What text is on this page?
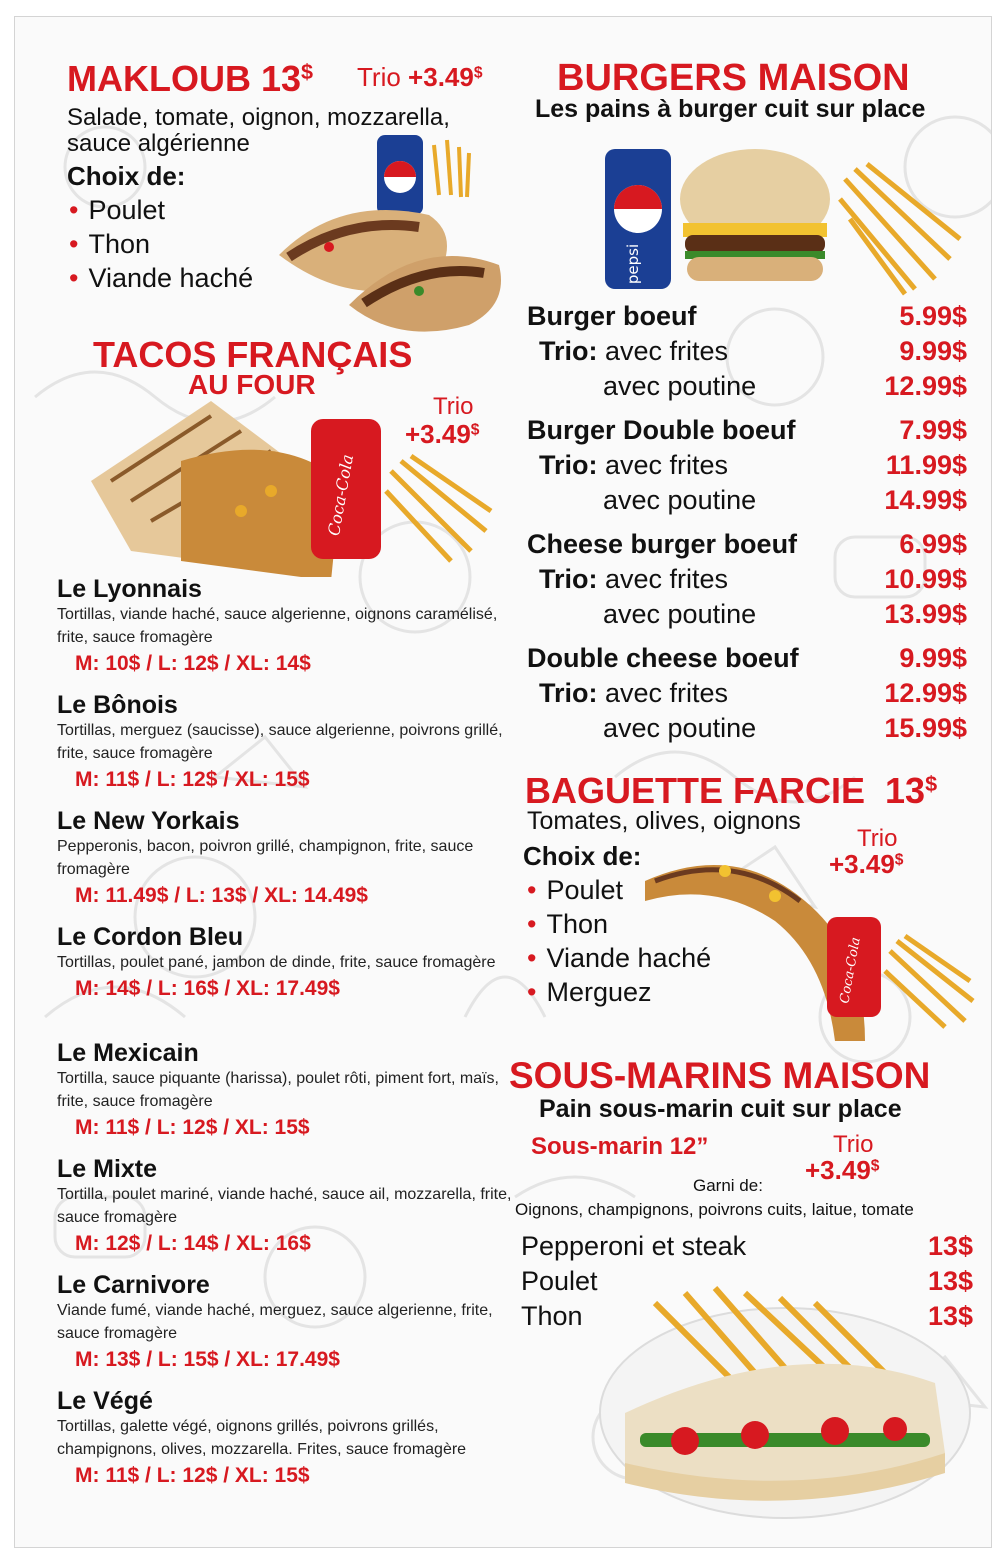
MAKLOUB 13$ Trio +3.49$
Salade, tomate, oignon, mozzarella, sauce algérienne
Choix de:
• Poulet
• Thon
• Viande haché
TACOS FRANÇAIS
AU FOUR
Trio
+3.49$
Coca-Cola
Le Lyonnais
Tortillas, viande haché, sauce algerienne, oignons caramélisé, frite, sauce fromagère
M: 10$ / L: 12$ / XL: 14$
Le Bônois
Tortillas, merguez (saucisse), sauce algerienne, poivrons grillé, frite, sauce fromagère
M: 11$ / L: 12$ / XL: 15$
Le New Yorkais
Pepperonis, bacon, poivron grillé, champignon, frite, sauce fromagère
M: 11.49$ / L: 13$ / XL: 14.49$
Le Cordon Bleu
Tortillas, poulet pané, jambon de dinde, frite, sauce fromagère
M: 14$ / L: 16$ / XL: 17.49$
Le Mexicain
Tortilla, sauce piquante (harissa), poulet rôti, piment fort, maïs, frite, sauce fromagère
M: 11$ / L: 12$ / XL: 15$
Le Mixte
Tortilla, poulet mariné, viande haché, sauce ail, mozzarella, frite, sauce fromagère
M: 12$ / L: 14$ / XL: 16$
Le Carnivore
Viande fumé, viande haché, merguez, sauce algerienne, frite, sauce fromagère
M: 13$ / L: 15$ / XL: 17.49$
Le Végé
Tortillas, galette végé, oignons grillés, poivrons grillés, champignons, olives, mozzarella. Frites, sauce fromagère
M: 11$ / L: 12$ / XL: 15$
BURGERS MAISON
Les pains à burger cuit sur place
pepsi
Burger boeuf	5.99$
Trio: avec frites	9.99$
avec poutine	12.99$
Burger Double boeuf	7.99$
Trio: avec frites	11.99$
avec poutine	14.99$
Cheese burger boeuf	6.99$
Trio: avec frites	10.99$
avec poutine	13.99$
Double cheese boeuf	9.99$
Trio: avec frites	12.99$
avec poutine	15.99$
BAGUETTE FARCIE 13$
Tomates, olives, oignons
Trio
+3.49$
Choix de:
• Poulet
• Thon
• Viande haché
• Merguez	Coca-Cola
SOUS-MARINS MAISON
Pain sous-marin cuit sur place
Sous-marin 12”	Trio
+3.49$
Garni de:
Oignons, champignons, poivrons cuits, laitue, tomate
Pepperoni et steak	13$
Poulet	13$
Thon	13$
